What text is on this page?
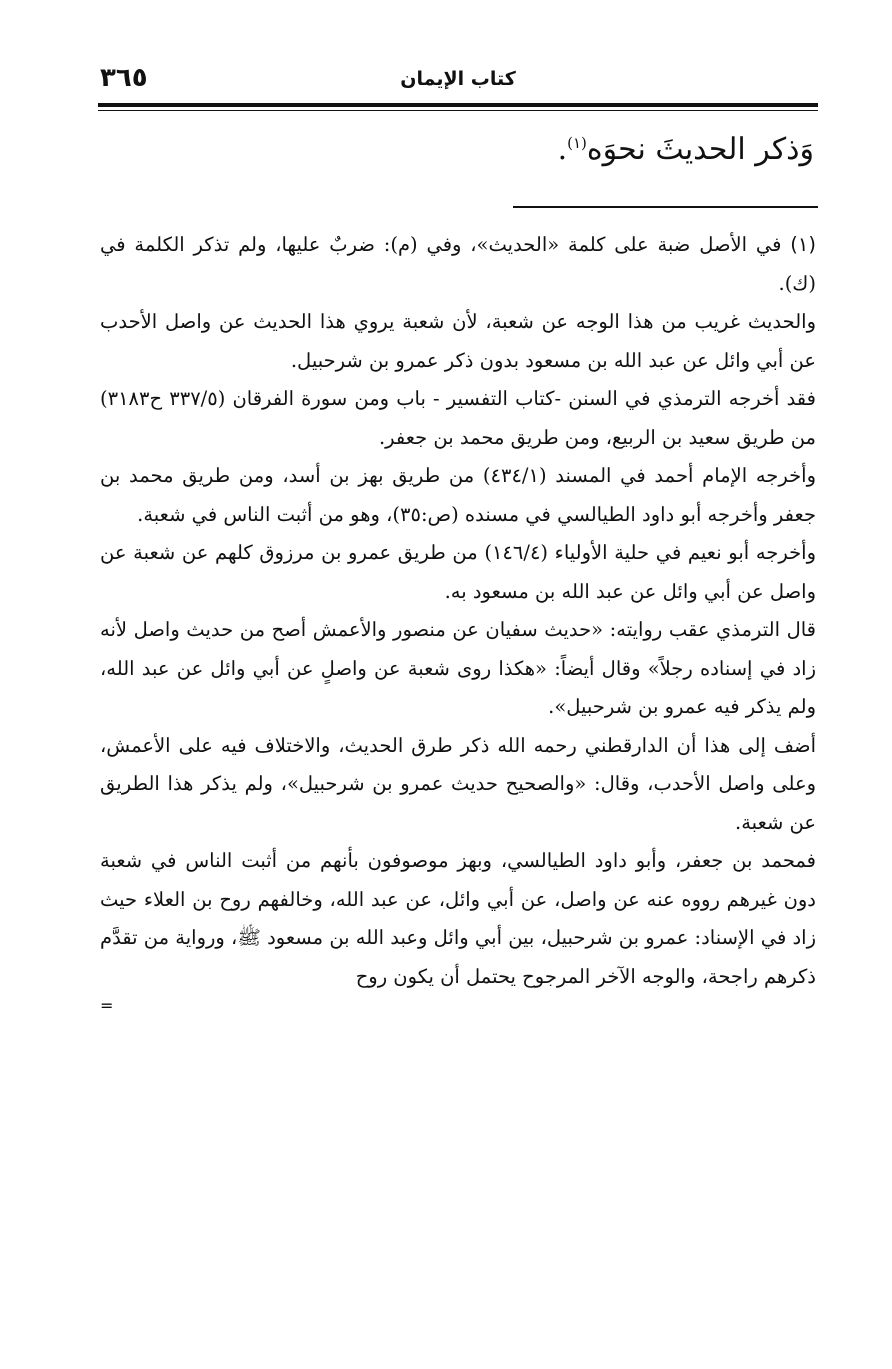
٣٦٥	كتاب الإيمان
وَذكر الحديثَ نحوَه$^{(١)}$.

(١) في الأصل ضبة على كلمة «الحديث»، وفي (م): ضربٌ عليها، ولم تذكر الكلمة في (ك).

والحديث غريب من هذا الوجه عن شعبة، لأن شعبة يروي هذا الحديث عن واصل الأحدب عن أبي وائل عن عبد الله بن مسعود بدون ذكر عمرو بن شرحبيل.

فقد أخرجه الترمذي في السنن -كتاب التفسير - باب ومن سورة الفرقان (٣٣٧/٥ ح٣١٨٣) من طريق سعيد بن الربيع، ومن طريق محمد بن جعفر.

وأخرجه الإمام أحمد في المسند (٤٣٤/١) من طريق بهز بن أسد، ومن طريق محمد بن جعفر وأخرجه أبو داود الطيالسي في مسنده (ص:٣٥)، وهو من أثبت الناس في شعبة.

وأخرجه أبو نعيم في حلية الأولياء (١٤٦/٤) من طريق عمرو بن مرزوق كلهم عن شعبة عن واصل عن أبي وائل عن عبد الله بن مسعود به.

قال الترمذي عقب روايته: «حديث سفيان عن منصور والأعمش أصح من حديث واصل لأنه زاد في إسناده رجلاً» وقال أيضاً: «هكذا روى شعبة عن واصلٍ عن أبي وائل عن عبد الله، ولم يذكر فيه عمرو بن شرحبيل».

أضف إلى هذا أن الدارقطني رحمه الله ذكر طرق الحديث، والاختلاف فيه على الأعمش، وعلى واصل الأحدب، وقال: «والصحيح حديث عمرو بن شرحبيل»، ولم يذكر هذا الطريق عن شعبة.

فمحمد بن جعفر، وأبو داود الطيالسي، وبهز موصوفون بأنهم من أثبت الناس في شعبة دون غيرهم رووه عنه عن واصل، عن أبي وائل، عن عبد الله، وخالفهم روح بن العلاء حيث زاد في الإسناد: عمرو بن شرحبيل، بين أبي وائل وعبد الله بن مسعود ﷺ، ورواية من تقدَّم ذكرهم راجحة، والوجه الآخر المرجوح يحتمل أن يكون روح

=
